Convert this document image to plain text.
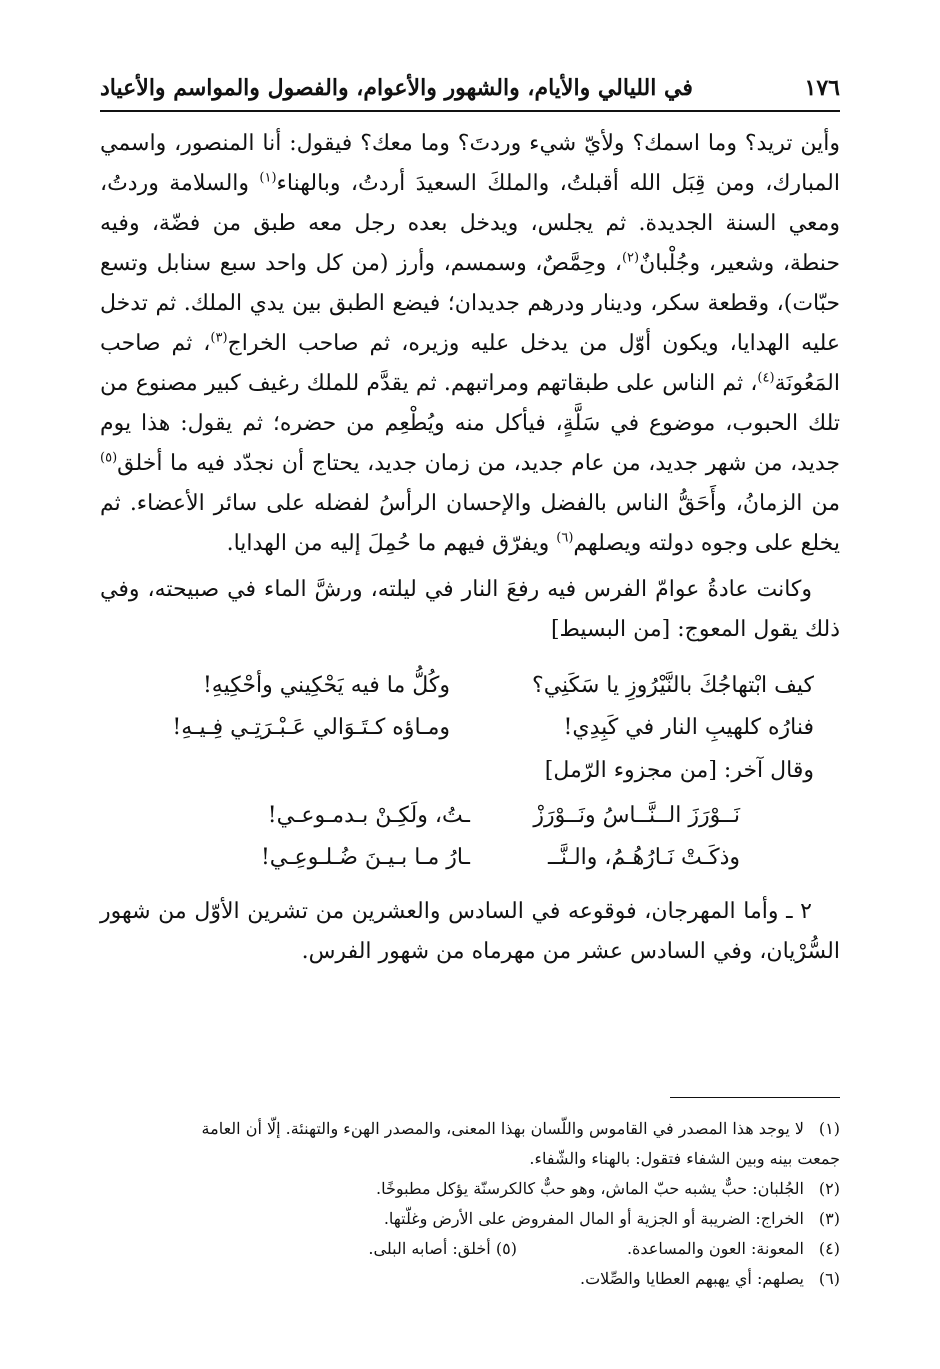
١٧٦
في الليالي والأيام، والشهور والأعوام، والفصول والمواسم والأعياد

وأين تريد؟ وما اسمك؟ ولأيّ شيء وردتَ؟ وما معك؟ فيقول: أنا المنصور، واسمي المبارك، ومن قِبَل الله أقبلتُ، والملكَ السعيدَ أردتُ، وبالهناء$^{(١)}$ والسلامة وردتُ، ومعي السنة الجديدة. ثم يجلس، ويدخل بعده رجل معه طبق من فضّة، وفيه حنطة، وشعير، وجُلْبانٌ$^{(٢)}$، وحِمَّصٌ، وسمسم، وأرز (من كل واحد سبع سنابل وتسع حبّات)، وقطعة سكر، ودينار ودرهم جديدان؛ فيضع الطبق بين يدي الملك. ثم تدخل عليه الهدايا، ويكون أوّل من يدخل عليه وزيره، ثم صاحب الخراج$^{(٣)}$، ثم صاحب المَعُونَة$^{(٤)}$، ثم الناس على طبقاتهم ومراتبهم. ثم يقدَّم للملك رغيف كبير مصنوع من تلك الحبوب، موضوع في سَلَّةٍ، فيأكل منه ويُطْعِم من حضره؛ ثم يقول: هذا يوم جديد، من شهر جديد، من عام جديد، من زمان جديد، يحتاج أن نجدّد فيه ما أخلق$^{(٥)}$ من الزمانُ، وأَحَقُّ الناس بالفضل والإحسان الرأسُ لفضله على سائر الأعضاء. ثم يخلع على وجوه دولته ويصلهم$^{(٦)}$ ويفرّق فيهم ما حُمِلَ إليه من الهدايا.

وكانت عادةُ عوامّ الفرس فيه رفعَ النار في ليلته، ورشَّ الماء في صبيحته، وفي ذلك يقول المعوج: [من البسيط]

كيف ابْتهاجُكَ بالنَّيْرُوزِ يا سَكَنِي؟
وكُلُّ ما فيه يَحْكِيني وأحْكِيهِ!
فنارُه كلهيبِ النار في كَبِدِي!
ومـاؤه كـتَـوَالي عَـبْـرَتِـي فِـيـهِ!
وقال آخر: [من مجزوء الرّمل]
نَــوْرَزَ الــنَّــاسُ ونَــوْرَزْ
ـتُ، ولَكِـنْ بـدمـوعـي!
وذكَـتْ نَـارُهُـمُ، والـنَّــ
ـارُ مـا بـيـنَ ضُـلـوعِـي!

٢ ـ وأما المهرجان، فوقوعه في السادس والعشرين من تشرين الأوّل من شهور السُّرْيان، وفي السادس عشر من مهرماه من شهور الفرس.

(١)لا يوجد هذا المصدر في القاموس واللّسان بهذا المعنى، والمصدر الهنء والتهنئة. إلّا أن العامة

جمعت بينه وبين الشفاء فتقول: بالهناء والشّفاء.

(٢)الجُلبان: حبٌّ يشبه حبّ الماش، وهو حبٌّ كالكرسنّة يؤكل مطبوخًا.

(٣)الخراج: الضريبة أو الجزية أو المال المفروض على الأرض وغلّتها.

(٤)المعونة: العون والمساعدة.(٥) أخلق: أصابه البلى.

(٦)يصلهم: أي يهبهم العطايا والصِّلات.
